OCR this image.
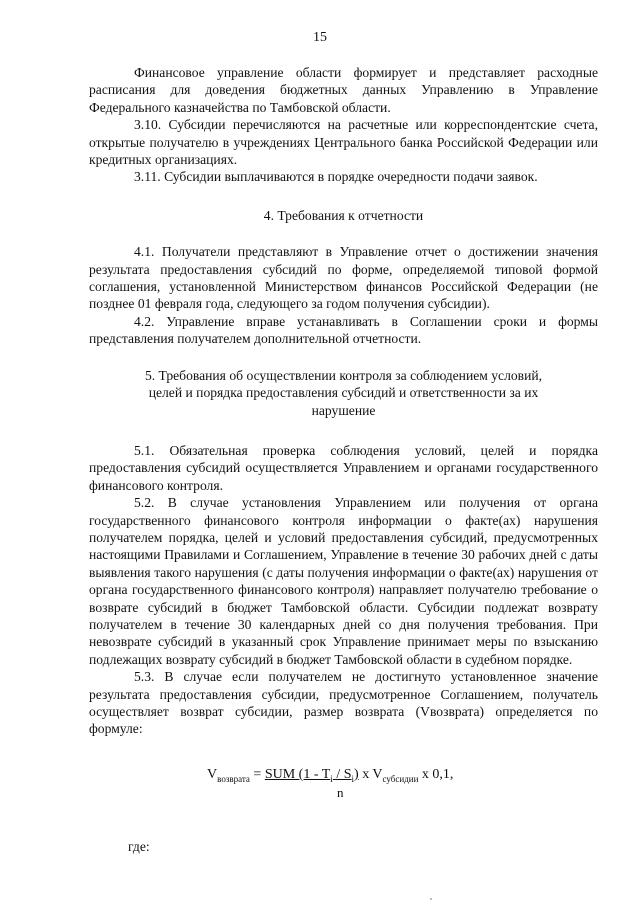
15

Финансовое управление области формирует и представляет расходные расписания для доведения бюджетных данных Управлению в Управление Федерального казначейства по Тамбовской области.

3.10. Субсидии перечисляются на расчетные или корреспондентские счета, открытые получателю в учреждениях Центрального банка Российской Федерации или кредитных организациях.

3.11. Субсидии выплачиваются в порядке очередности подачи заявок.

4. Требования к отчетности

4.1. Получатели представляют в Управление отчет о достижении значения результата предоставления субсидий по форме, определяемой типовой формой соглашения, установленной Министерством финансов Российской Федерации (не позднее 01 февраля года, следующего за годом получения субсидии).

4.2. Управление вправе устанавливать в Соглашении сроки и формы представления получателем дополнительной отчетности.

5. Требования об осуществлении контроля за соблюдением условий,
целей и порядка предоставления субсидий и ответственности за их
нарушение

5.1. Обязательная проверка соблюдения условий, целей и порядка предоставления субсидий осуществляется Управлением и органами государственного финансового контроля.

5.2. В случае установления Управлением или получения от органа государственного финансового контроля информации о факте(ах) нарушения получателем порядка, целей и условий предоставления субсидий, предусмотренных настоящими Правилами и Соглашением, Управление в течение 30 рабочих дней с даты выявления такого нарушения (с даты получения информации о факте(ах) нарушения от органа государственного финансового контроля) направляет получателю требование о возврате субсидий в бюджет Тамбовской области. Субсидии подлежат возврату получателем в течение 30 календарных дней со дня получения требования. При невозврате субсидий в указанный срок Управление принимает меры по взысканию подлежащих возврату субсидий в бюджет Тамбовской области в судебном порядке.

5.3. В случае если получателем не достигнуто установленное значение результата предоставления субсидии, предусмотренное Соглашением, получатель осуществляет возврат субсидии, размер возврата (Vвозврата) определяется по формуле:

$V_{возврата}$ = SUM $(1 - T_i / S_i)$ x $V_{субсидии}$ x 0,1,
n

где:
